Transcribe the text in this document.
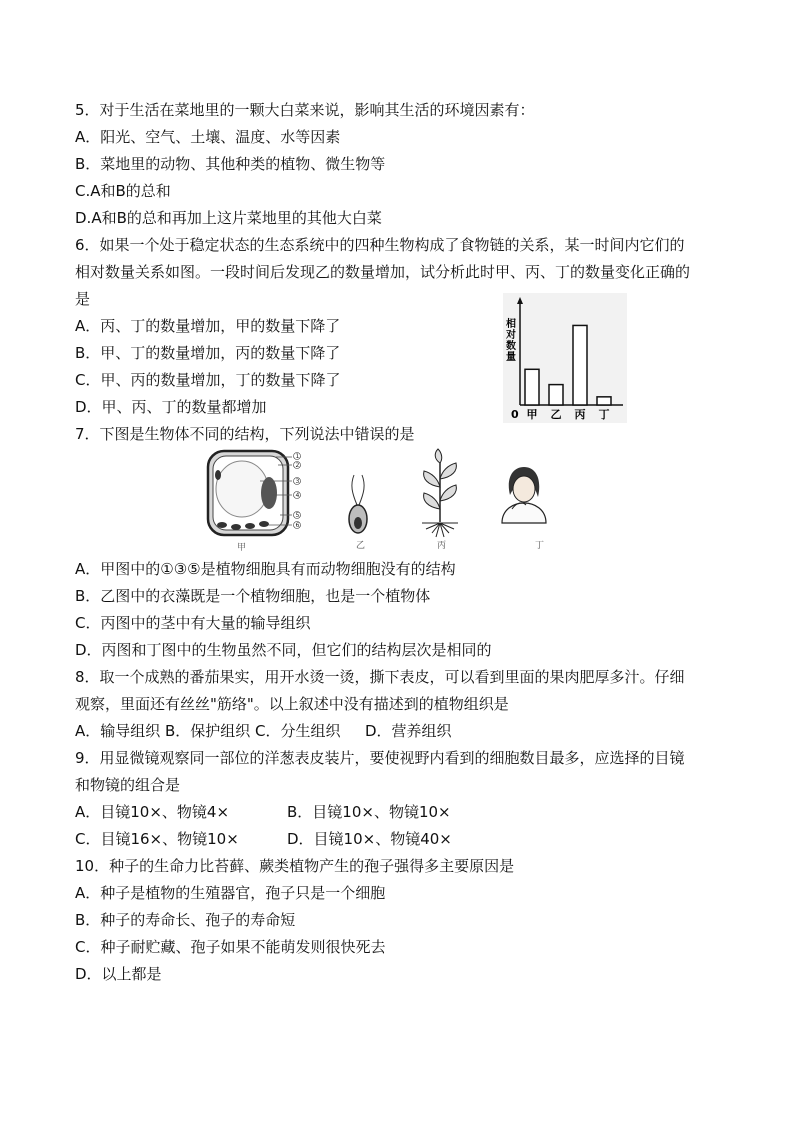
5．对于生活在菜地里的一颗大白菜来说，影响其生活的环境因素有：
A．阳光、空气、土壤、温度、水等因素
B．菜地里的动物、其他种类的植物、微生物等
C.A和B的总和
D.A和B的总和再加上这片菜地里的其他大白菜
6．如果一个处于稳定状态的生态系统中的四种生物构成了食物链的关系，某一时间内它们的
相对数量关系如图。一段时间后发现乙的数量增加，试分析此时甲、丙、丁的数量变化正确的
是
A．丙、丁的数量增加，甲的数量下降了
B．甲、丁的数量增加，丙的数量下降了
C．甲、丙的数量增加，丁的数量下降了
D．甲、丙、丁的数量都增加
相
对
数
量
0 甲 乙 丙 丁
7．下图是生物体不同的结构，下列说法中错误的是
1
2
3
4
5
6
甲	乙	丙	丁
A．甲图中的①③⑤是植物细胞具有而动物细胞没有的结构
B．乙图中的衣藻既是一个植物细胞，也是一个植物体
C．丙图中的茎中有大量的输导组织
D．丙图和丁图中的生物虽然不同，但它们的结构层次是相同的
8．取一个成熟的番茄果实，用开水烫一烫，撕下表皮，可以看到里面的果肉肥厚多汁。仔细
观察，里面还有丝丝"筋络"。以上叙述中没有描述到的植物组织是
A．输导组织 B．保护组织 C．分生组织 D．营养组织
9．用显微镜观察同一部位的洋葱表皮装片，要使视野内看到的细胞数目最多，应选择的目镜
和物镜的组合是
A．目镜10×、物镜4×	B．目镜10×、物镜10×
C．目镜16×、物镜10×	D．目镜10×、物镜40×
10．种子的生命力比苔藓、蕨类植物产生的孢子强得多主要原因是
A．种子是植物的生殖器官，孢子只是一个细胞
B．种子的寿命长、孢子的寿命短
C．种子耐贮藏、孢子如果不能萌发则很快死去
D．以上都是
